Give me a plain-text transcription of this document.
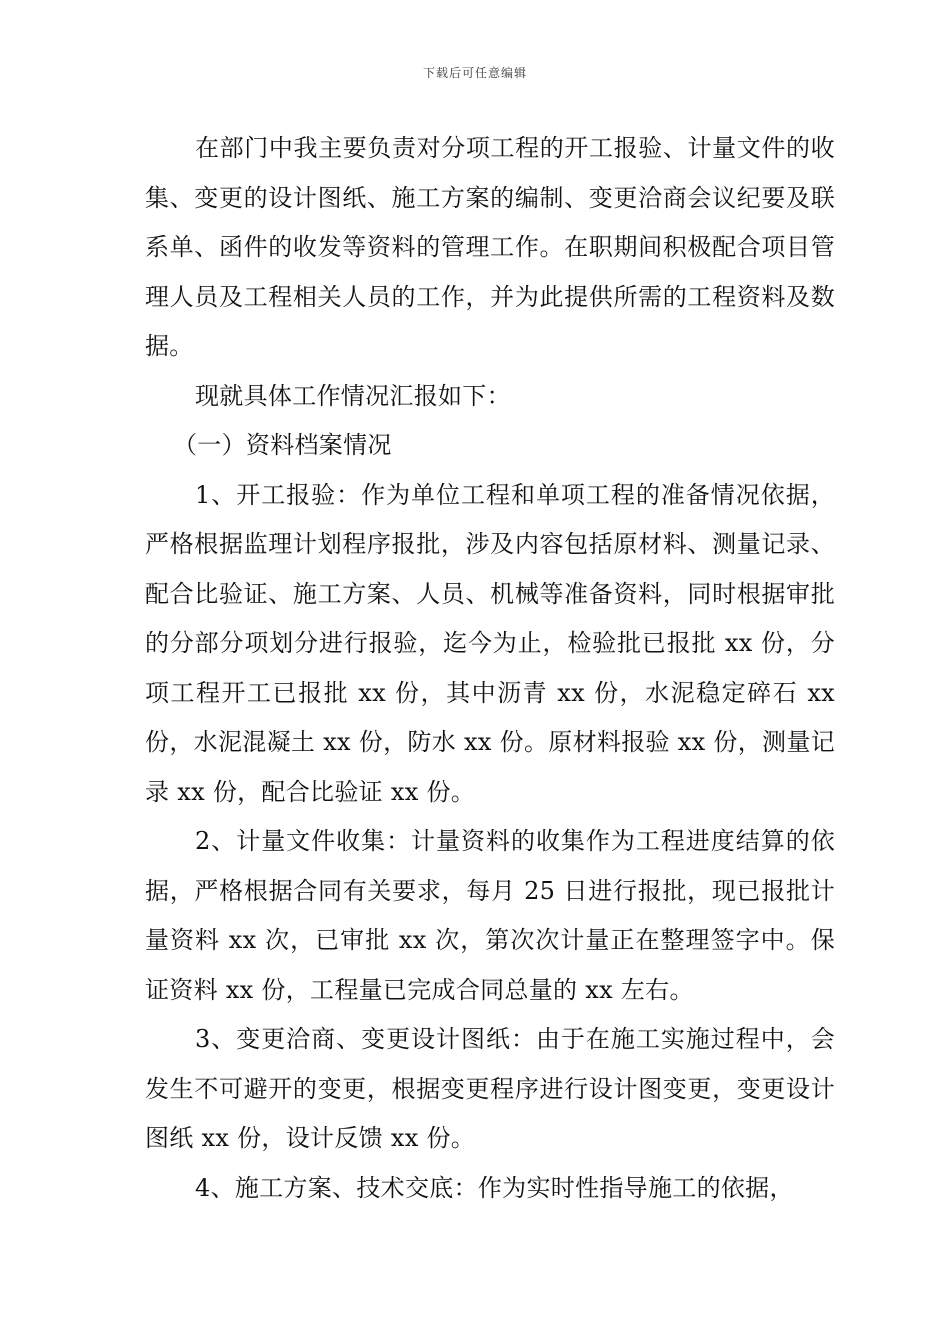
下载后可任意编辑

在部门中我主要负责对分项工程的开工报验、计量文件的收集、变更的设计图纸、施工方案的编制、变更洽商会议纪要及联系单、函件的收发等资料的管理工作。在职期间积极配合项目管理人员及工程相关人员的工作，并为此提供所需的工程资料及数据。

现就具体工作情况汇报如下：

（一）资料档案情况

1、开工报验：作为单位工程和单项工程的准备情况依据，严格根据监理计划程序报批，涉及内容包括原材料、测量记录、配合比验证、施工方案、人员、机械等准备资料，同时根据审批的分部分项划分进行报验，迄今为止，检验批已报批 xx 份，分项工程开工已报批 xx 份，其中沥青 xx 份，水泥稳定碎石 xx 份，水泥混凝土 xx 份，防水 xx 份。原材料报验 xx 份，测量记录 xx 份，配合比验证 xx 份。

2、计量文件收集：计量资料的收集作为工程进度结算的依据，严格根据合同有关要求，每月 25 日进行报批，现已报批计量资料 xx 次，已审批 xx 次，第次次计量正在整理签字中。保证资料 xx 份，工程量已完成合同总量的 xx 左右。

3、变更洽商、变更设计图纸：由于在施工实施过程中，会发生不可避开的变更，根据变更程序进行设计图变更，变更设计图纸 xx 份，设计反馈 xx 份。

4、施工方案、技术交底：作为实时性指导施工的依据，
